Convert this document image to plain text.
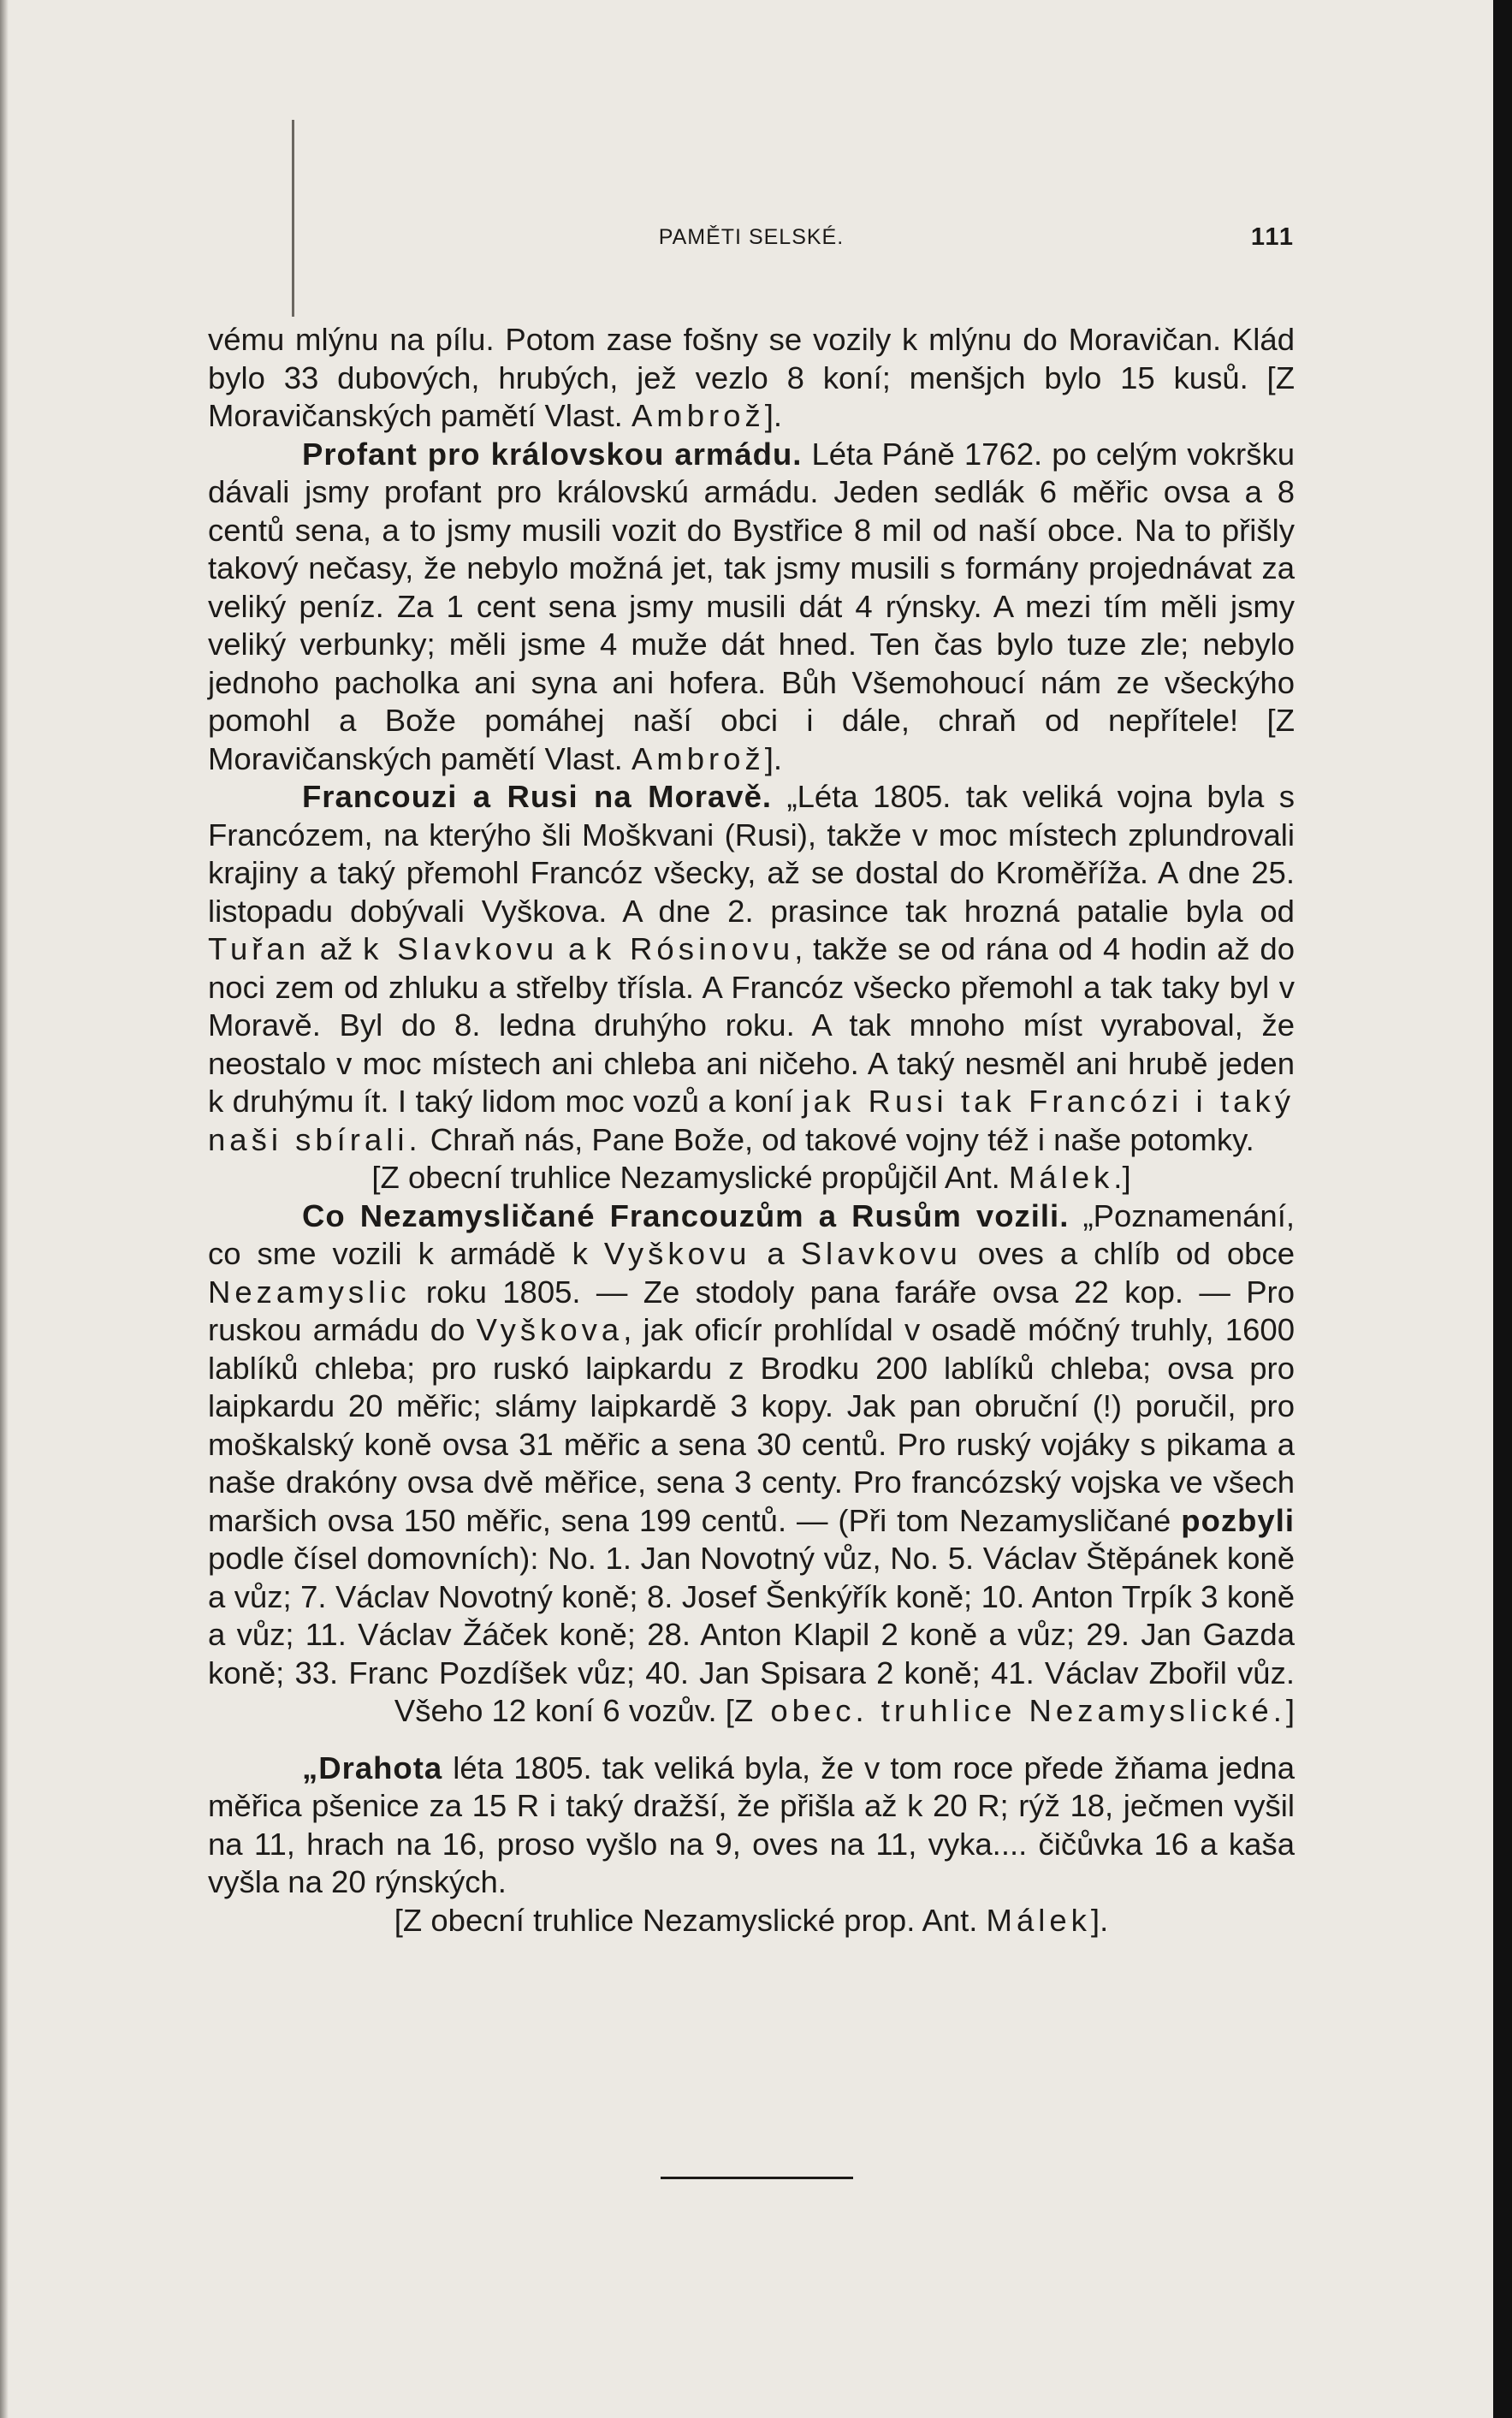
PAMĚTI SELSKÉ.	111

vému mlýnu na pílu. Potom zase fošny se vozily k mlýnu do Moravičan. Klád bylo 33 dubových, hrubých, jež vezlo 8 koní; menšjch bylo 15 kusů. [Z Moravičanských pamětí Vlast. Ambrož].

Profant pro královskou armádu. Léta Páně 1762. po celým vokršku dávali jsmy profant pro královskú armádu. Jeden sedlák 6 měřic ovsa a 8 centů sena, a to jsmy musili vozit do Bystřice 8 mil od naší obce. Na to přišly takový nečasy, že nebylo možná jet, tak jsmy musili s formány projednávat za veliký peníz. Za 1 cent sena jsmy musili dát 4 rýnsky. A mezi tím měli jsmy veliký verbunky; měli jsme 4 muže dát hned. Ten čas bylo tuze zle; nebylo jednoho pacholka ani syna ani hofera. Bůh Všemohoucí nám ze všeckýho pomohl a Bože pomáhej naší obci i dále, chraň od nepřítele! [Z Moravičanských pamětí Vlast. Ambrož].

Francouzi a Rusi na Moravě. „Léta 1805. tak veliká vojna byla s Francózem, na kterýho šli Moškvani (Rusi), takže v moc místech zplundrovali krajiny a taký přemohl Francóz všecky, až se dostal do Kroměříža. A dne 25. listopadu dobývali Vyškova. A dne 2. prasince tak hrozná patalie byla od Tuřan až k Slavkovu a k Rósinovu, takže se od rána od 4 hodin až do noci zem od zhluku a střelby třísla. A Francóz všecko přemohl a tak taky byl v Moravě. Byl do 8. ledna druhýho roku. A tak mnoho míst vyraboval, že neostalo v moc místech ani chleba ani ničeho. A taký nesměl ani hrubě jeden k druhýmu ít. I taký lidom moc vozů a koní jak Rusi tak Francózi i taký naši sbírali. Chraň nás, Pane Bože, od takové vojny též i naše potomky.

[Z obecní truhlice Nezamyslické propůjčil Ant. Málek.]

Co Nezamysličané Francouzům a Rusům vozili. „Poznamenání, co sme vozili k armádě k Vyškovu a Slavkovu oves a chlíb od obce Nezamyslic roku 1805. — Ze stodoly pana faráře ovsa 22 kop. — Pro ruskou armádu do Vyškova, jak oficír prohlídal v osadě móčný truhly, 1600 lablíků chleba; pro ruskó laipkardu z Brodku 200 lablíků chleba; ovsa pro laipkardu 20 měřic; slámy laipkardě 3 kopy. Jak pan obruční (!) poručil, pro moškalský koně ovsa 31 měřic a sena 30 centů. Pro ruský vojáky s pikama a naše drakóny ovsa dvě měřice, sena 3 centy. Pro francózský vojska ve všech maršich ovsa 150 měřic, sena 199 centů. — (Při tom Nezamysličané pozbyli podle čísel domovních): No. 1. Jan Novotný vůz, No. 5. Václav Štěpánek koně a vůz; 7. Václav Novotný koně; 8. Josef Šenkýřík koně; 10. Anton Trpík 3 koně a vůz; 11. Václav Žáček koně; 28. Anton Klapil 2 koně a vůz; 29. Jan Gazda koně; 33. Franc Pozdíšek vůz; 40. Jan Spisara 2 koně; 41. Václav Zbořil vůz. Všeho 12 koní 6 vozův. [Z obec. truhlice Nezamyslické.]

„Drahota léta 1805. tak veliká byla, že v tom roce přede žňama jedna měřica pšenice za 15 R i taký dražší, že přišla až k 20 R; rýž 18, ječmen vyšil na 11, hrach na 16, proso vyšlo na 9, oves na 11, vyka.... čičůvka 16 a kaša vyšla na 20 rýnských.

[Z obecní truhlice Nezamyslické prop. Ant. Málek].
